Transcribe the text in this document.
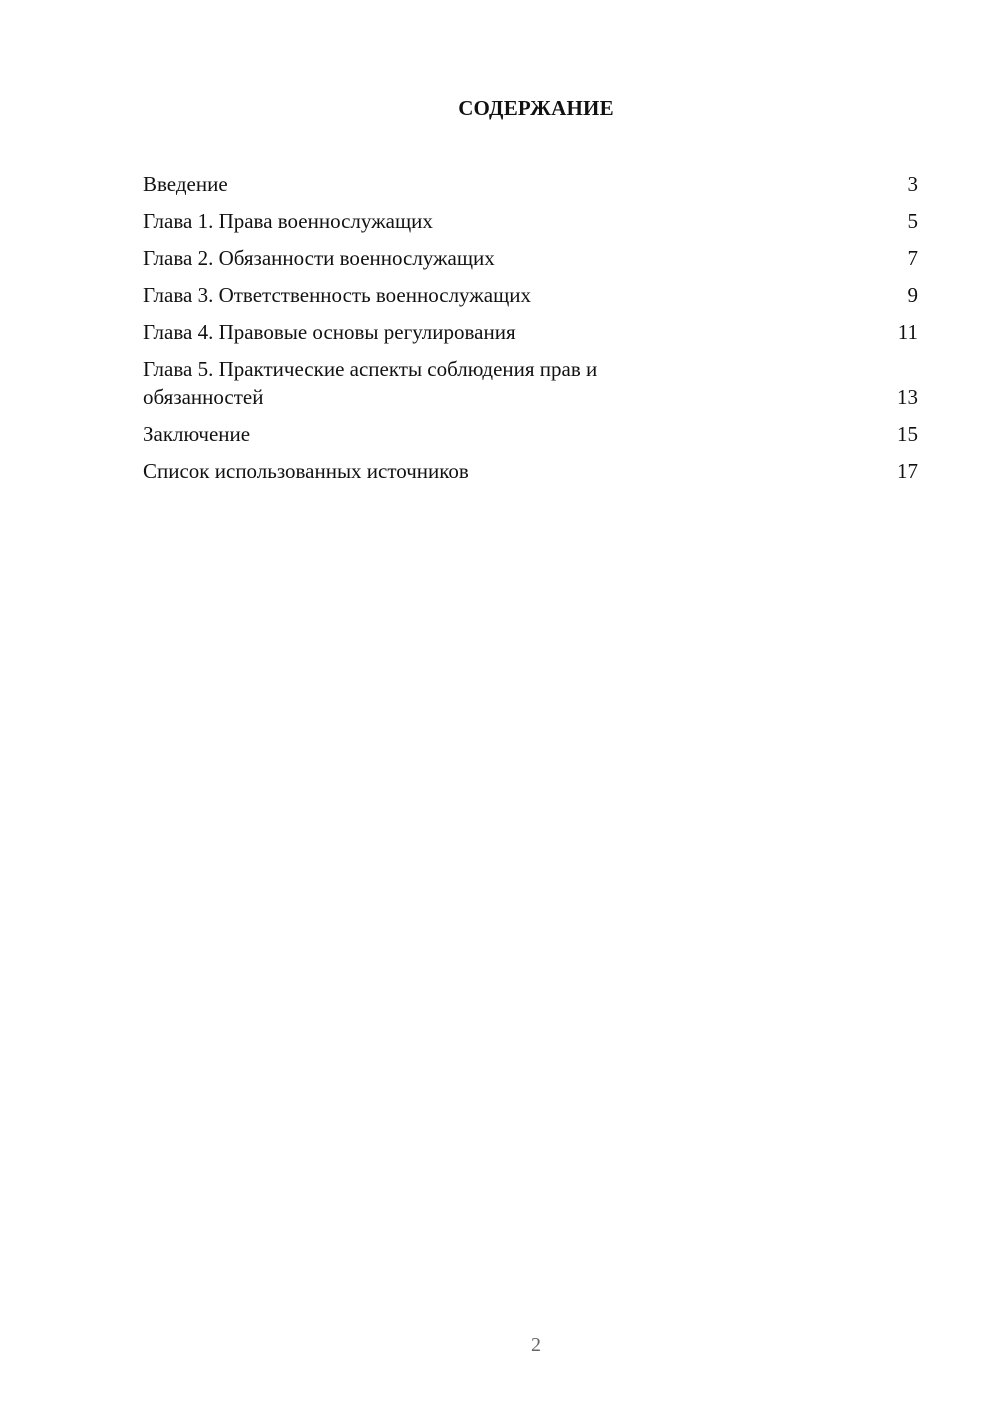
СОДЕРЖАНИЕ
Введение	3
Глава 1. Права военнослужащих	5
Глава 2. Обязанности военнослужащих	7
Глава 3. Ответственность военнослужащих	9
Глава 4. Правовые основы регулирования	11
Глава 5. Практические аспекты соблюдения прав и обязанностей	13
Заключение	15
Список использованных источников	17
2
